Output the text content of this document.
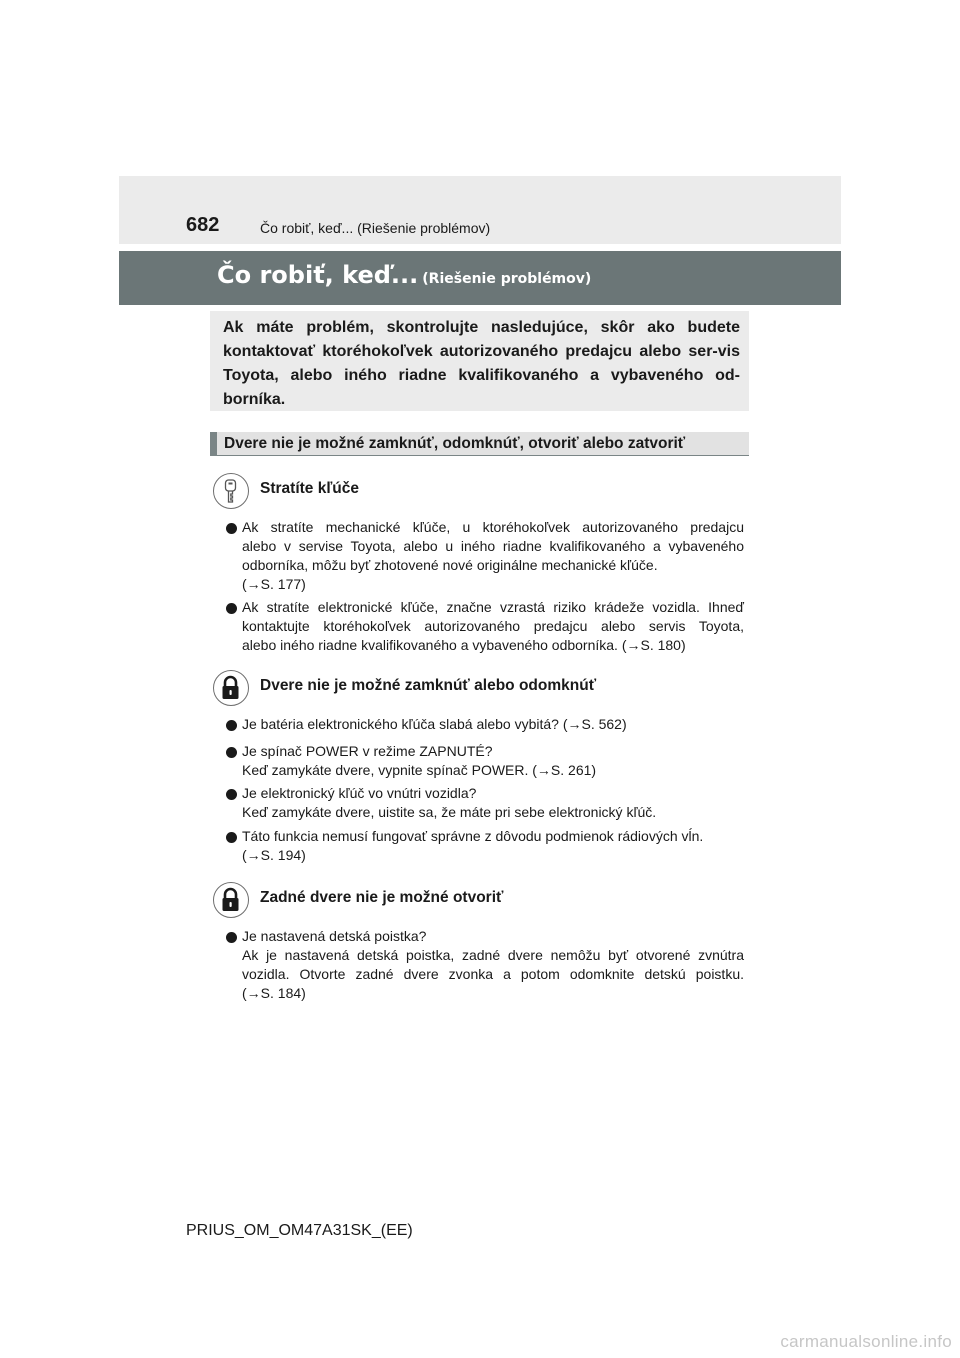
682	Čo robiť, keď... (Riešenie problémov)
Čo robiť, keď... (Riešenie problémov)

Ak máte problém, skontrolujte nasledujúce, skôr ako budete kontaktovať ktoréhokoľvek autorizovaného predajcu alebo ser-vis Toyota, alebo iného riadne kvalifikovaného a vybaveného od-borníka.

Dvere nie je možné zamknúť, odomknúť, otvoriť alebo zatvoriť
Stratíte kľúče

Ak stratíte mechanické kľúče, u ktoréhokoľvek autorizovaného predajcu
alebo v servise Toyota, alebo u iného riadne kvalifikovaného a vybaveného
odborníka, môžu byť zhotovené nové originálne mechanické kľúče.
(→S. 177)

Ak stratíte elektronické kľúče, značne vzrastá riziko krádeže vozidla. Ihneď
kontaktujte ktoréhokoľvek autorizovaného predajcu alebo servis Toyota,
alebo iného riadne kvalifikovaného a vybaveného odborníka. (→S. 180)

Dvere nie je možné zamknúť alebo odomknúť

Je batéria elektronického kľúča slabá alebo vybitá? (→S. 562)

Je spínač POWER v režime ZAPNUTÉ?
Keď zamykáte dvere, vypnite spínač POWER. (→S. 261)

Je elektronický kľúč vo vnútri vozidla?
Keď zamykáte dvere, uistite sa, že máte pri sebe elektronický kľúč.

Táto funkcia nemusí fungovať správne z dôvodu podmienok rádiových vĺn.
(→S. 194)

Zadné dvere nie je možné otvoriť

Je nastavená detská poistka?
Ak je nastavená detská poistka, zadné dvere nemôžu byť otvorené zvnútra
vozidla. Otvorte zadné dvere zvonka a potom odomknite detskú poistku.
(→S. 184)

PRIUS_OM_OM47A31SK_(EE)
carmanualsonline.info
